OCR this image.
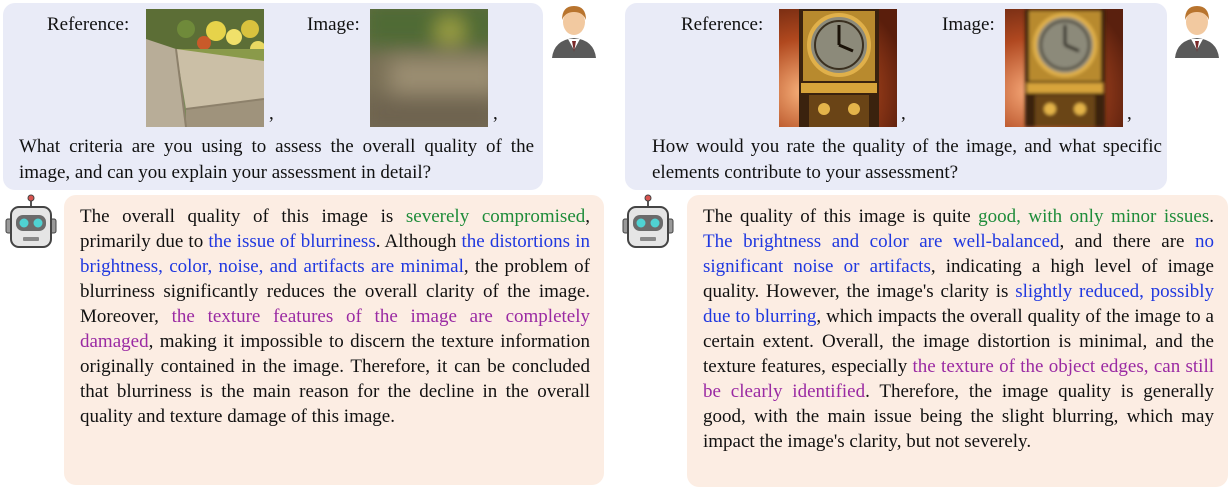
Reference:
,
Image:
,

What criteria are you using to assess the overall quality of the image, and can you explain your assessment in detail?

The overall quality of this image is severely compromised, primarily due to the issue of blurriness. Although the distortions in brightness, color, noise, and artifacts are minimal, the problem of blurriness significantly reduces the overall clarity of the image. Moreover, the texture features of the image are completely damaged, making it impossible to discern the texture information originally contained in the image. Therefore, it can be concluded that blurriness is the main reason for the decline in the overall quality and texture damage of this image.

Reference:
,
Image:
,

How would you rate the quality of the image, and what specific elements contribute to your assessment?

The quality of this image is quite good, with only minor issues. The brightness and color are well-balanced, and there are no significant noise or artifacts, indicating a high level of image quality. However, the image's clarity is slightly reduced, possibly due to blurring, which impacts the overall quality of the image to a certain extent. Overall, the image distortion is minimal, and the texture features, especially the texture of the object edges, can still be clearly identified. Therefore, the image quality is generally good, with the main issue being the slight blurring, which may impact the image's clarity, but not severely.
